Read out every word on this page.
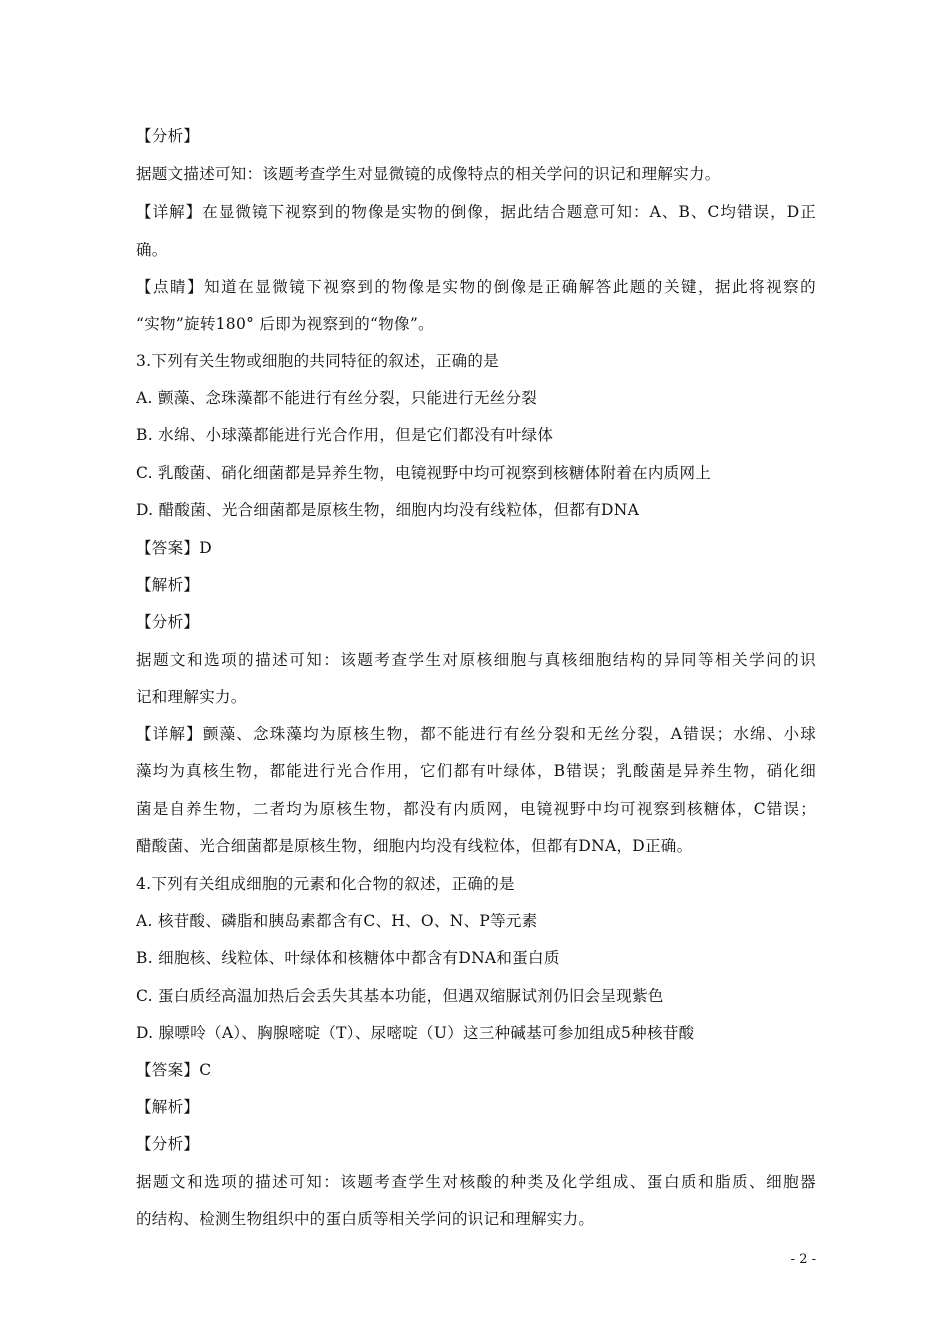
【分析】
据题文描述可知：该题考查学生对显微镜的成像特点的相关学问的识记和理解实力。
【详解】在显微镜下视察到的物像是实物的倒像，据此结合题意可知：A、B、C均错误，D正
确。
【点睛】知道在显微镜下视察到的物像是实物的倒像是正确解答此题的关键，据此将视察的
“实物”旋转180° 后即为视察到的“物像”。
3.下列有关生物或细胞的共同特征的叙述，正确的是
A. 颤藻、念珠藻都不能进行有丝分裂，只能进行无丝分裂
B. 水绵、小球藻都能进行光合作用，但是它们都没有叶绿体
C. 乳酸菌、硝化细菌都是异养生物，电镜视野中均可视察到核糖体附着在内质网上
D. 醋酸菌、光合细菌都是原核生物，细胞内均没有线粒体，但都有DNA
【答案】D
【解析】
【分析】
据题文和选项的描述可知：该题考查学生对原核细胞与真核细胞结构的异同等相关学问的识
记和理解实力。
【详解】颤藻、念珠藻均为原核生物，都不能进行有丝分裂和无丝分裂，A错误；水绵、小球
藻均为真核生物，都能进行光合作用，它们都有叶绿体，B错误；乳酸菌是异养生物，硝化细
菌是自养生物，二者均为原核生物，都没有内质网，电镜视野中均可视察到核糖体，C错误；
醋酸菌、光合细菌都是原核生物，细胞内均没有线粒体，但都有DNA，D正确。
4.下列有关组成细胞的元素和化合物的叙述，正确的是
A. 核苷酸、磷脂和胰岛素都含有C、H、O、N、P等元素
B. 细胞核、线粒体、叶绿体和核糖体中都含有DNA和蛋白质
C. 蛋白质经高温加热后会丢失其基本功能，但遇双缩脲试剂仍旧会呈现紫色
D. 腺嘌呤（A）、胸腺嘧啶（T）、尿嘧啶（U）这三种碱基可参加组成5种核苷酸
【答案】C
【解析】
【分析】
据题文和选项的描述可知：该题考查学生对核酸的种类及化学组成、蛋白质和脂质、细胞器
的结构、检测生物组织中的蛋白质等相关学问的识记和理解实力。
- 2 -
